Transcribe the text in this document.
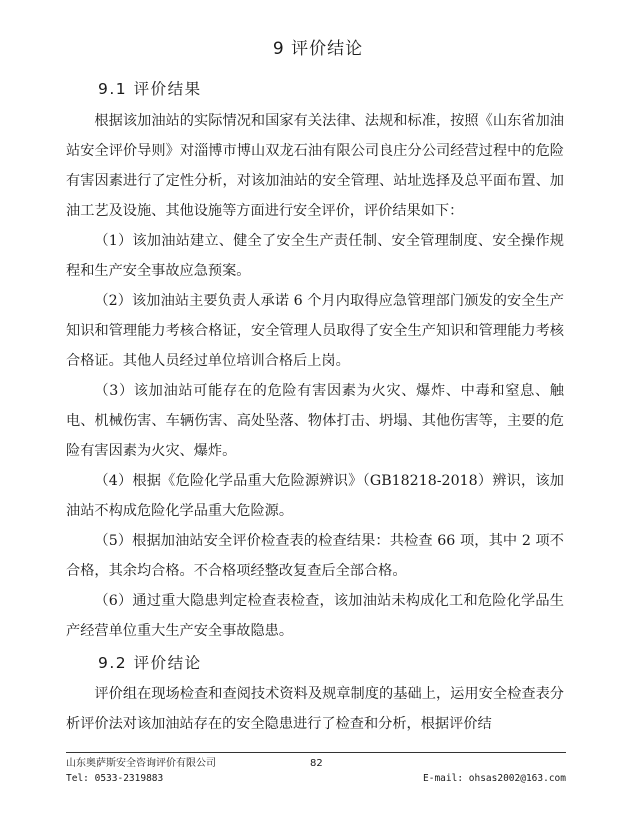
9 评价结论
9.1 评价结果

根据该加油站的实际情况和国家有关法律、法规和标准，按照《山东省加油站安全评价导则》对淄博市博山双龙石油有限公司良庄分公司经营过程中的危险有害因素进行了定性分析，对该加油站的安全管理、站址选择及总平面布置、加油工艺及设施、其他设施等方面进行安全评价，评价结果如下：

（1）该加油站建立、健全了安全生产责任制、安全管理制度、安全操作规程和生产安全事故应急预案。

（2）该加油站主要负责人承诺 6 个月内取得应急管理部门颁发的安全生产知识和管理能力考核合格证，安全管理人员取得了安全生产知识和管理能力考核合格证。其他人员经过单位培训合格后上岗。

（3）该加油站可能存在的危险有害因素为火灾、爆炸、中毒和窒息、触电、机械伤害、车辆伤害、高处坠落、物体打击、坍塌、其他伤害等，主要的危险有害因素为火灾、爆炸。

（4）根据《危险化学品重大危险源辨识》（GB18218-2018）辨识，该加油站不构成危险化学品重大危险源。

（5）根据加油站安全评价检查表的检查结果：共检查 66 项，其中 2 项不合格，其余均合格。不合格项经整改复查后全部合格。

（6）通过重大隐患判定检查表检查，该加油站未构成化工和危险化学品生产经营单位重大生产安全事故隐患。

9.2 评价结论

评价组在现场检查和查阅技术资料及规章制度的基础上，运用安全检查表分析评价法对该加油站存在的安全隐患进行了检查和分析，根据评价结

山东奥萨斯安全咨询评价有限公司	82
Tel: 0533-2319883	E-mail: ohsas2002@163.com
